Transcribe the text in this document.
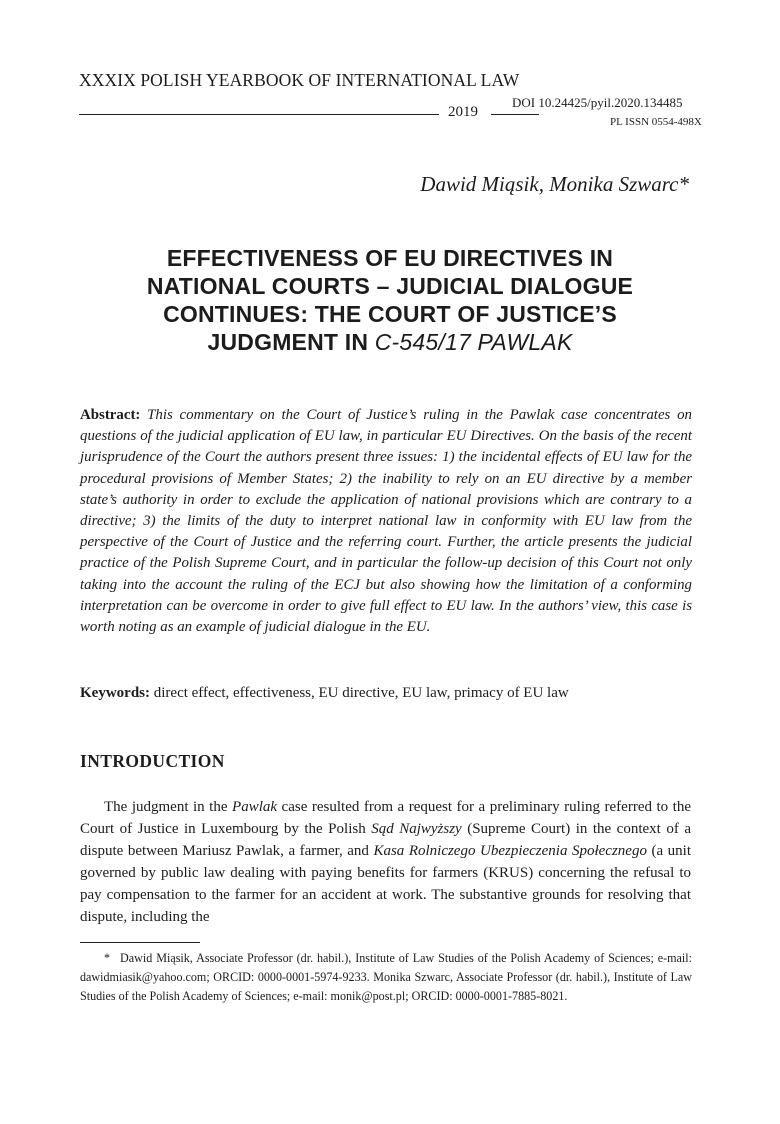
XXXIX POLISH YEARBOOK OF INTERNATIONAL LAW
2019
DOI 10.24425/pyil.2020.134485
PL ISSN 0554-498X
Dawid Miąsik, Monika Szwarc*
EFFECTIVENESS OF EU DIRECTIVES IN
NATIONAL COURTS – JUDICIAL DIALOGUE
CONTINUES: THE COURT OF JUSTICE’S
JUDGMENT IN C-545/17 PAWLAK
Abstract: This commentary on the Court of Justice’s ruling in the Pawlak case concentrates on questions of the judicial application of EU law, in particular EU Directives. On the basis of the recent jurisprudence of the Court the authors present three issues: 1) the incidental effects of EU law for the procedural provisions of Member States; 2) the inability to rely on an EU directive by a member state’s authority in order to exclude the application of national provisions which are contrary to a directive; 3) the limits of the duty to interpret national law in conformity with EU law from the perspective of the Court of Justice and the referring court. Further, the article presents the judicial practice of the Polish Supreme Court, and in particular the follow-up decision of this Court not only taking into the account the ruling of the ECJ but also showing how the limitation of a conforming interpretation can be overcome in order to give full effect to EU law. In the authors’ view, this case is worth noting as an example of judicial dialogue in the EU.
Keywords: direct effect, effectiveness, EU directive, EU law, primacy of EU law
INTRODUCTION
The judgment in the Pawlak case resulted from a request for a preliminary ruling referred to the Court of Justice in Luxembourg by the Polish Sąd Najwyższy (Supreme Court) in the context of a dispute between Mariusz Pawlak, a farmer, and Kasa Rolniczego Ubezpieczenia Społecznego (a unit governed by public law dealing with paying benefits for farmers (KRUS) concerning the refusal to pay compensation to the farmer for an accident at work. The substantive grounds for resolving that dispute, including the
* Dawid Miąsik, Associate Professor (dr. habil.), Institute of Law Studies of the Polish Academy of Sciences; e-mail: dawidmiasik@yahoo.com; ORCID: 0000-0001-5974-9233. Monika Szwarc, Associate Professor (dr. habil.), Institute of Law Studies of the Polish Academy of Sciences; e-mail: monik@post.pl; ORCID: 0000-0001-7885-8021.
